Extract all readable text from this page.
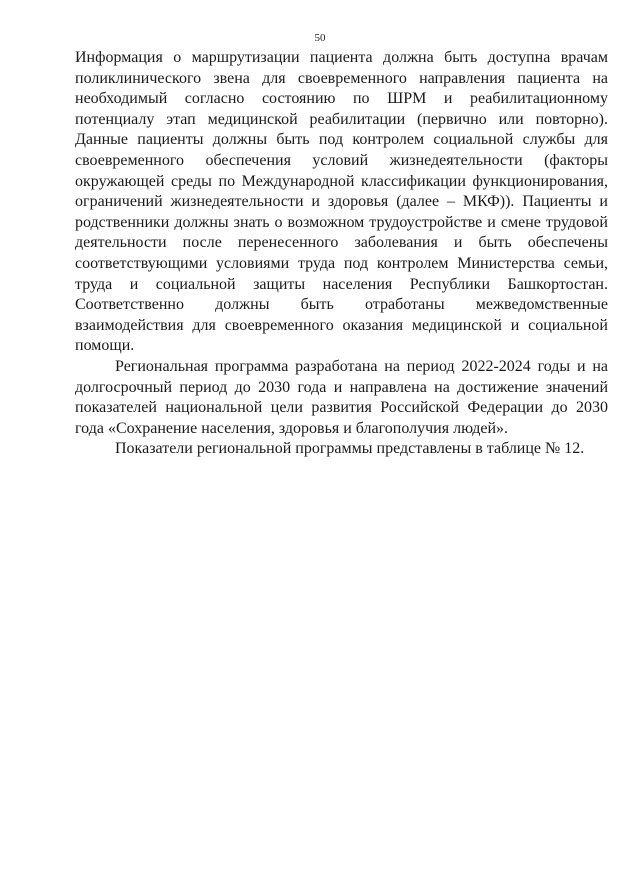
50

Информация о маршрутизации пациента должна быть доступна врачам поликлинического звена для своевременного направления пациента на необходимый согласно состоянию по ШРМ и реабилитационному потенциалу этап медицинской реабилитации (первично или повторно). Данные пациенты должны быть под контролем социальной службы для своевременного обеспечения условий жизнедеятельности (факторы окружающей среды по Международной классификации функционирования, ограничений жизнедеятельности и здоровья (далее – МКФ)). Пациенты и родственники должны знать о возможном трудоустройстве и смене трудовой деятельности после перенесенного заболевания и быть обеспечены соответствующими условиями труда под контролем Министерства семьи, труда и социальной защиты населения Республики Башкортостан. Соответственно должны быть отработаны межведомственные взаимодействия для своевременного оказания медицинской и социальной помощи.

Региональная программа разработана на период 2022-2024 годы и на долгосрочный период до 2030 года и направлена на достижение значений показателей национальной цели развития Российской Федерации до 2030 года «Сохранение населения, здоровья и благополучия людей».

Показатели региональной программы представлены в таблице № 12.
